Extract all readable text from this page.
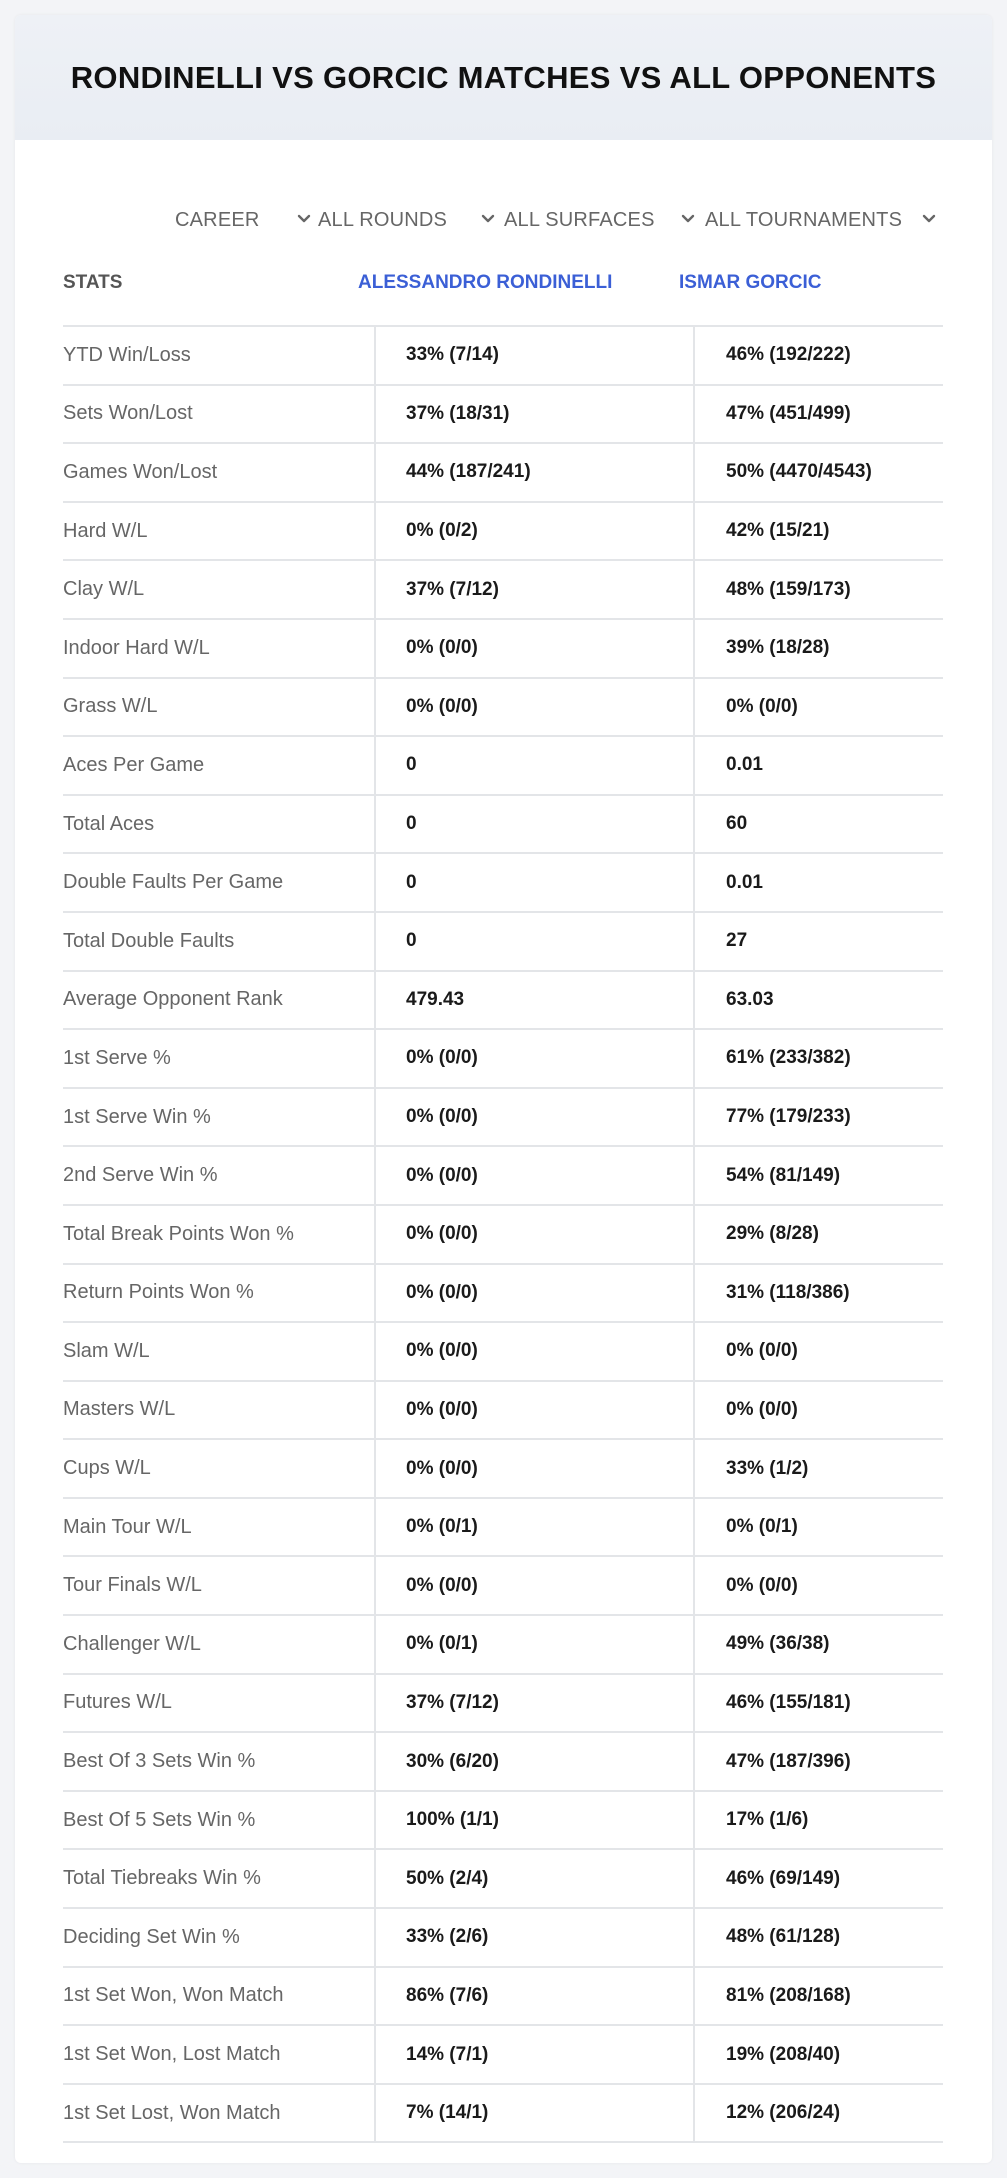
RONDINELLI VS GORCIC MATCHES VS ALL OPPONENTS
CAREER	ALL ROUNDS	ALL SURFACES	ALL TOURNAMENTS
STATS	ALESSANDRO RONDINELLI	ISMAR GORCIC
YTD Win/Loss	33% (7/14)	46% (192/222)
Sets Won/Lost	37% (18/31)	47% (451/499)
Games Won/Lost	44% (187/241)	50% (4470/4543)
Hard W/L	0% (0/2)	42% (15/21)
Clay W/L	37% (7/12)	48% (159/173)
Indoor Hard W/L	0% (0/0)	39% (18/28)
Grass W/L	0% (0/0)	0% (0/0)
Aces Per Game	0	0.01
Total Aces	0	60
Double Faults Per Game	0	0.01
Total Double Faults	0	27
Average Opponent Rank	479.43	63.03
1st Serve %	0% (0/0)	61% (233/382)
1st Serve Win %	0% (0/0)	77% (179/233)
2nd Serve Win %	0% (0/0)	54% (81/149)
Total Break Points Won %	0% (0/0)	29% (8/28)
Return Points Won %	0% (0/0)	31% (118/386)
Slam W/L	0% (0/0)	0% (0/0)
Masters W/L	0% (0/0)	0% (0/0)
Cups W/L	0% (0/0)	33% (1/2)
Main Tour W/L	0% (0/1)	0% (0/1)
Tour Finals W/L	0% (0/0)	0% (0/0)
Challenger W/L	0% (0/1)	49% (36/38)
Futures W/L	37% (7/12)	46% (155/181)
Best Of 3 Sets Win %	30% (6/20)	47% (187/396)
Best Of 5 Sets Win %	100% (1/1)	17% (1/6)
Total Tiebreaks Win %	50% (2/4)	46% (69/149)
Deciding Set Win %	33% (2/6)	48% (61/128)
1st Set Won, Won Match	86% (7/6)	81% (208/168)
1st Set Won, Lost Match	14% (7/1)	19% (208/40)
1st Set Lost, Won Match	7% (14/1)	12% (206/24)
